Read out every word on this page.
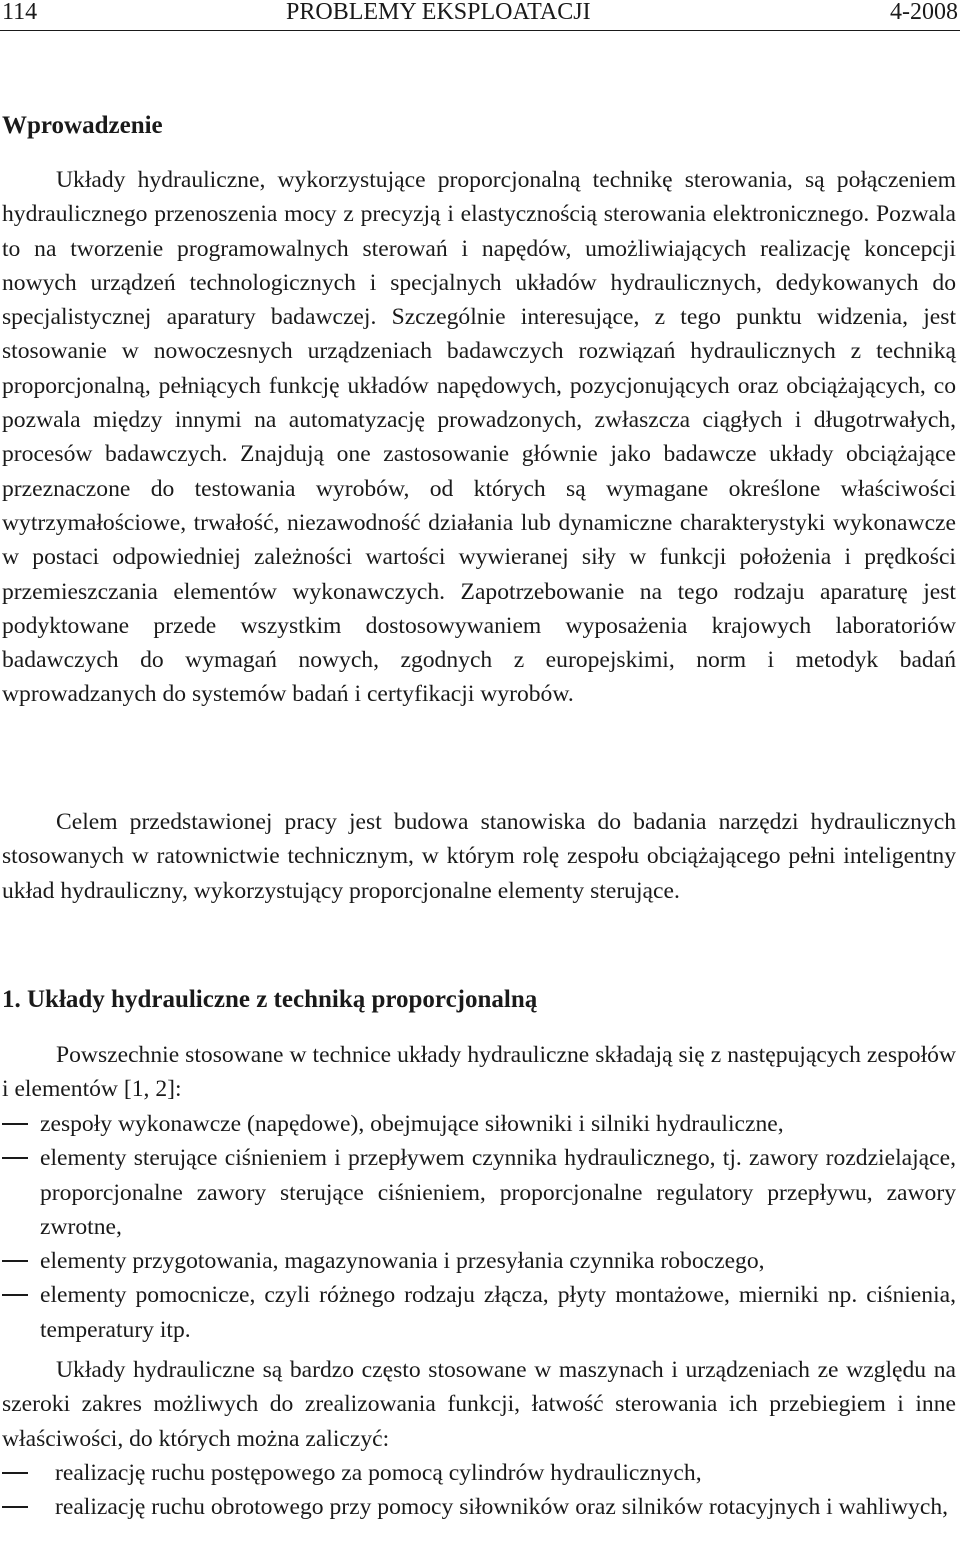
114	PROBLEMY EKSPLOATACJI	4-2008
Wprowadzenie

Układy hydrauliczne, wykorzystujące proporcjonalną technikę sterowania, są połączeniem hydraulicznego przenoszenia mocy z precyzją i elastycznością sterowania elektronicznego. Pozwala to na tworzenie programowalnych sterowań i napędów, umożliwiających realizację koncepcji nowych urządzeń technologicznych i specjalnych układów hydraulicznych, dedykowanych do specjalistycznej aparatury badawczej. Szczególnie interesujące, z tego punktu widzenia, jest stosowanie w nowoczesnych urządzeniach badawczych rozwiązań hydraulicznych z techniką proporcjonalną, pełniących funkcję układów napędowych, pozycjonujących oraz obciążających, co pozwala między innymi na automatyzację prowadzonych, zwłaszcza ciągłych i długotrwałych, procesów badawczych. Znajdują one zastosowanie głównie jako badawcze układy obciążające przeznaczone do testowania wyrobów, od których są wymagane określone właściwości wytrzymałościowe, trwałość, niezawodność działania lub dynamiczne charakterystyki wykonawcze w postaci odpowiedniej zależności wartości wywieranej siły w funkcji położenia i prędkości przemieszczania elementów wykonawczych. Zapotrzebowanie na tego rodzaju aparaturę jest podyktowane przede wszystkim dostosowywaniem wyposażenia krajowych laboratoriów badawczych do wymagań nowych, zgodnych z europejskimi, norm i metodyk badań wprowadzanych do systemów badań i certyfikacji wyrobów.

Celem przedstawionej pracy jest budowa stanowiska do badania narzędzi hydraulicznych stosowanych w ratownictwie technicznym, w którym rolę zespołu obciążającego pełni inteligentny układ hydrauliczny, wykorzystujący proporcjonalne elementy sterujące.

1. Układy hydrauliczne z techniką proporcjonalną

Powszechnie stosowane w technice układy hydrauliczne składają się z następujących zespołów i elementów [1, 2]:

zespoły wykonawcze (napędowe), obejmujące siłowniki i silniki hydrauliczne,
elementy sterujące ciśnieniem i przepływem czynnika hydraulicznego, tj. zawory rozdzielające, proporcjonalne zawory sterujące ciśnieniem, proporcjonalne regulatory przepływu, zawory zwrotne,
elementy przygotowania, magazynowania i przesyłania czynnika roboczego,
elementy pomocnicze, czyli różnego rodzaju złącza, płyty montażowe, mierniki np. ciśnienia, temperatury itp.

Układy hydrauliczne są bardzo często stosowane w maszynach i urządzeniach ze względu na szeroki zakres możliwych do zrealizowania funkcji, łatwość sterowania ich przebiegiem i inne właściwości, do których można zaliczyć:

realizację ruchu postępowego za pomocą cylindrów hydraulicznych,
realizację ruchu obrotowego przy pomocy siłowników oraz silników rotacyjnych i wahliwych,
